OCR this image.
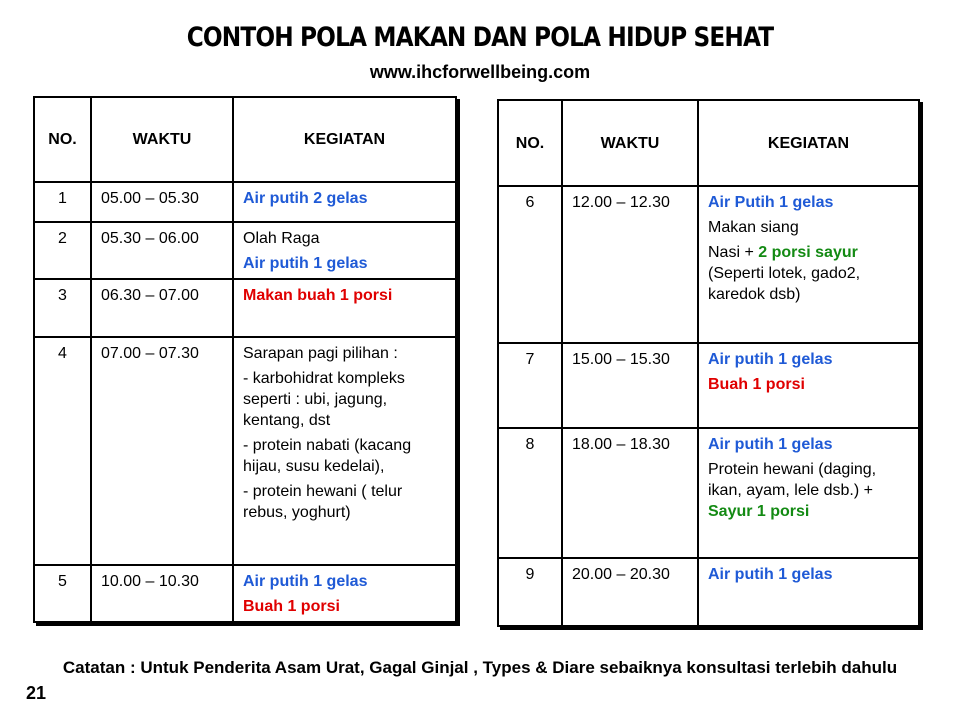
CONTOH POLA MAKAN DAN POLA HIDUP SEHAT
www.ihcforwellbeing.com
NO.	WAKTU	KEGIATAN
1	05.00 – 05.30	Air putih 2 gelas

2	05.30 – 06.00	Olah Raga
Air putih 1 gelas

3	06.30 – 07.00	Makan buah 1 porsi

4	07.00 – 07.30	Sarapan pagi pilihan :
- karbohidrat kompleks seperti : ubi, jagung, kentang, dst
- protein nabati (kacang hijau, susu kedelai),
- protein hewani ( telur rebus, yoghurt)

5	10.00 – 10.30	Air putih 1 gelas
Buah 1 porsi
NO.	WAKTU	KEGIATAN
6	12.00 – 12.30	Air Putih 1 gelas
Makan siang
Nasi + 2 porsi sayur (Seperti lotek, gado2, karedok dsb)

7	15.00 – 15.30	Air putih 1 gelas
Buah 1 porsi

8	18.00 – 18.30	Air putih 1 gelas
Protein hewani (daging, ikan, ayam, lele dsb.) + Sayur 1 porsi

9	20.00 – 20.30	Air putih 1 gelas
Catatan : Untuk Penderita Asam Urat, Gagal Ginjal , Types & Diare sebaiknya konsultasi terlebih dahulu
21
